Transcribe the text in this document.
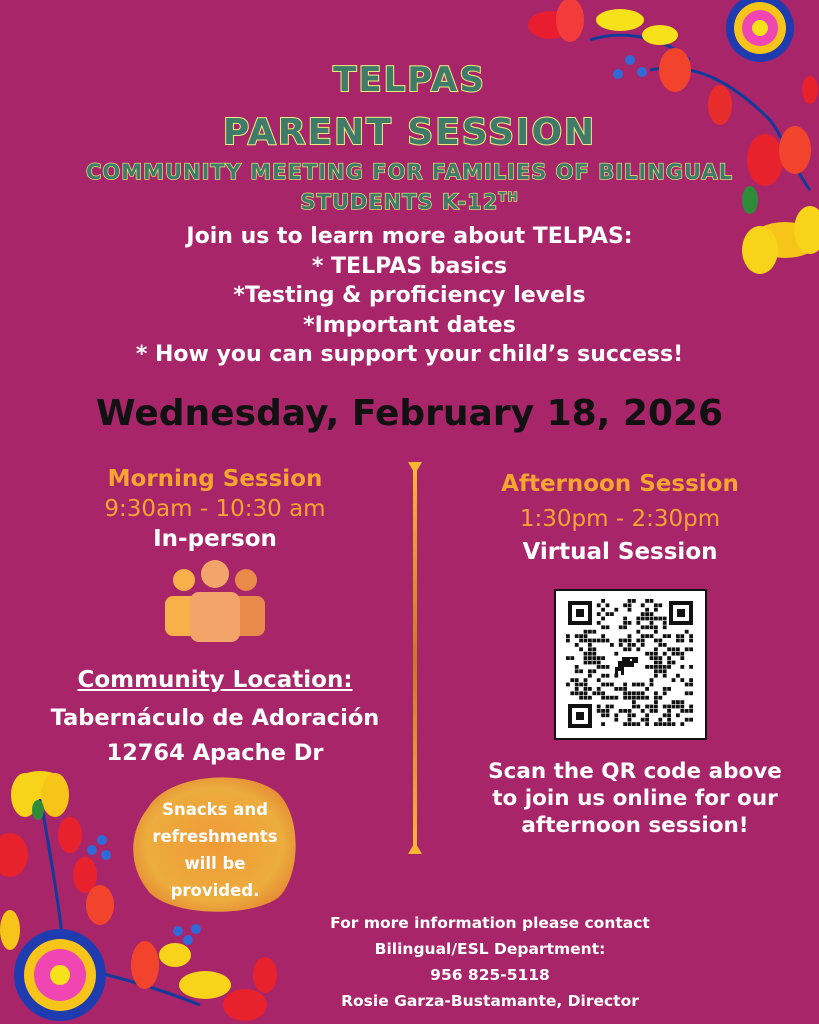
TELPAS
PARENT SESSION
COMMUNITY MEETING FOR FAMILIES OF BILINGUAL
STUDENTS K-12TH
Join us to learn more about TELPAS:
* TELPAS basics
*Testing & proficiency levels
*Important dates
* How you can support your child’s success!
Wednesday, February 18, 2026
Morning Session
9:30am - 10:30 am
In-person
Community Location:
Tabernáculo de Adoración
12764 Apache Dr
Snacks and
refreshments
will be
provided.
Afternoon Session
1:30pm - 2:30pm
Virtual Session
Scan the QR code above
to join us online for our
afternoon session!
For more information please contact
Bilingual/ESL Department:
956 825-5118
Rosie Garza-Bustamante, Director
